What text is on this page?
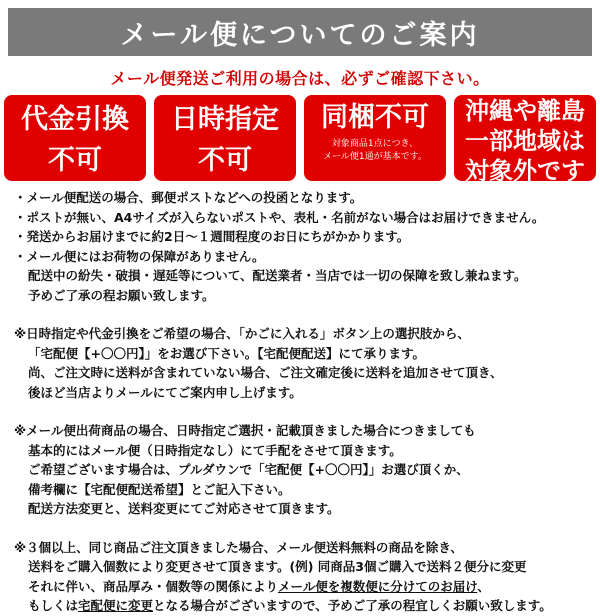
メール便についてのご案内
メール便発送ご利用の場合は、必ずご確認下さい。
代金引換
不可
日時指定
不可
同梱不可
対象商品1点につき、
メール便1通が基本です。
沖縄や離島
一部地域は
対象外です

・メール便配送の場合、郵便ポストなどへの投函となります。

・ポストが無い、A4サイズが入らないポストや、表札・名前がない場合はお届けできません。

・発送からお届けまでに約2日～１週間程度のお日にちがかかります。

・メール便にはお荷物の保障がありません。

配送中の紛失・破損・遅延等について、配送業者・当店では一切の保障を致し兼ねます。

予めご了承の程お願い致します。

※日時指定や代金引換をご希望の場合、「かごに入れる」ボタン上の選択肢から、

「宅配便【+〇〇円】」をお選び下さい。【宅配便配送】にて承ります。

尚、ご注文時に送料が含まれていない場合、ご注文確定後に送料を追加させて頂き、

後ほど当店よりメールにてご案内申し上げます。

※メール便出荷商品の場合、日時指定ご選択・記載頂きました場合につきましても

基本的にはメール便（日時指定なし）にて手配をさせて頂きます。

ご希望ございます場合は、プルダウンで「宅配便【+〇〇円】」お選び頂くか、

備考欄に【宅配便配送希望】とご記入下さい。

配送方法変更と、送料変更にてご対応させて頂きます。

※３個以上、同じ商品ご注文頂きました場合、メール便送料無料の商品を除き、

送料をご購入個数により変更させて頂きます。(例) 同商品3個ご購入で送料２便分に変更

それに伴い、商品厚み・個数等の関係によりメール便を複数便に分けてのお届け、

もしくは宅配便に変更となる場合がございますので、予めご了承の程宜しくお願い致します。
